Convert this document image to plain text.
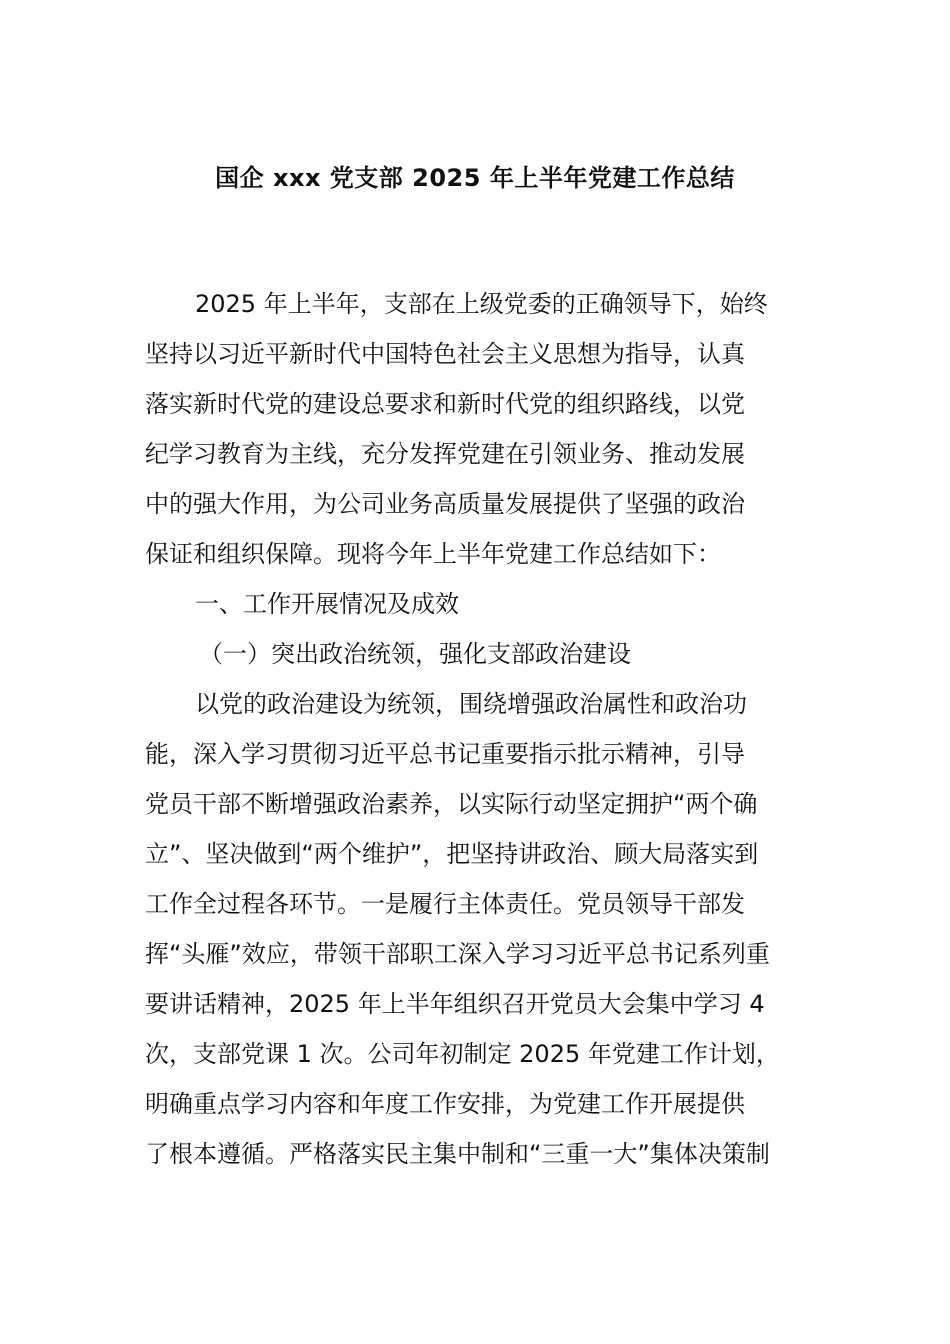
国企 xxx 党支部 2025 年上半年党建工作总结
2025 年上半年，支部在上级党委的正确领导下，始终
坚持以习近平新时代中国特色社会主义思想为指导，认真
落实新时代党的建设总要求和新时代党的组织路线，以党
纪学习教育为主线，充分发挥党建在引领业务、推动发展
中的强大作用，为公司业务高质量发展提供了坚强的政治
保证和组织保障。现将今年上半年党建工作总结如下：
一、工作开展情况及成效
（一）突出政治统领，强化支部政治建设
以党的政治建设为统领，围绕增强政治属性和政治功
能，深入学习贯彻习近平总书记重要指示批示精神，引导
党员干部不断增强政治素养，以实际行动坚定拥护“两个确
立”、坚决做到“两个维护”，把坚持讲政治、顾大局落实到
工作全过程各环节。一是履行主体责任。党员领导干部发
挥“头雁”效应，带领干部职工深入学习习近平总书记系列重
要讲话精神，2025 年上半年组织召开党员大会集中学习 4
次，支部党课 1 次。公司年初制定 2025 年党建工作计划，
明确重点学习内容和年度工作安排，为党建工作开展提供
了根本遵循。严格落实民主集中制和“三重一大”集体决策制
